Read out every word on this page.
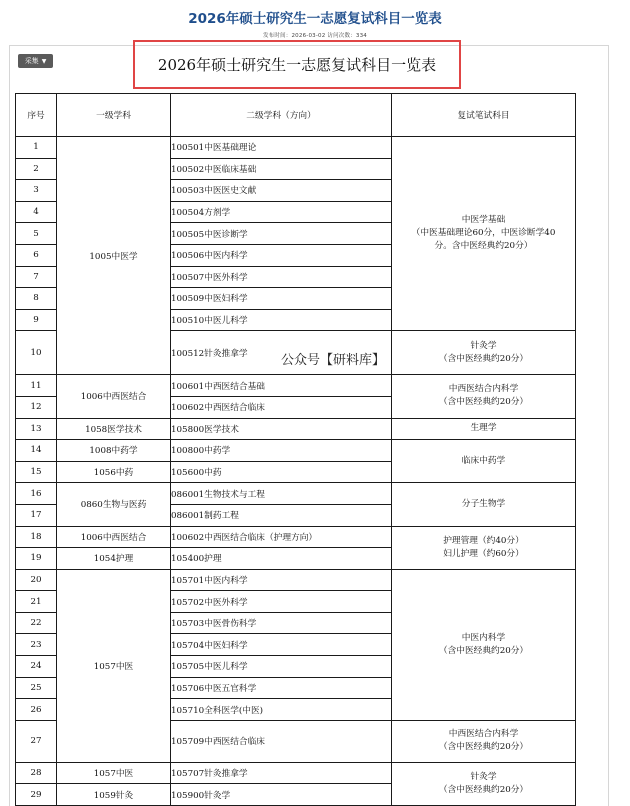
2026年硕士研究生一志愿复试科目一览表
发布时间：2026-03-02 访问次数：334
采集 ▼	2026年硕士研究生一志愿复试科目一览表
序号	一级学科	二级学科（方向）	复试笔试科目
1	1005中医学	100501中医基础理论	中医学基础
（中医基础理论60分，中医诊断学40
分。含中医经典约20分）

2		100502中医临床基础	
3		100503中医医史文献	
4		100504方剂学	
5		100505中医诊断学	
6		100506中医内科学	
7		100507中医外科学	
8		100509中医妇科学	
9		100510中医儿科学	
10		100512针灸推拿学	针灸学
（含中医经典约20分）

11	1006中西医结合	100601中西医结合基础	中西医结合内科学
（含中医经典约20分）

12		100602中西医结合临床	
13	1058医学技术	105800医学技术	生理学

14	1008中药学	100800中药学	临床中药学

15	1056中药	105600中药	
16	0860生物与医药	086001生物技术与工程	分子生物学

17		086001制药工程	
18	1006中西医结合	100602中西医结合临床（护理方向）	护理管理（约40分）
妇儿护理（约60分）

19	1054护理	105400护理	
20	1057中医	105701中医内科学	中医内科学
（含中医经典约20分）

21		105702中医外科学	
22		105703中医骨伤科学	
23		105704中医妇科学	
24		105705中医儿科学	
25		105706中医五官科学	
26		105710全科医学(中医)	
27		105709中西医结合临床	中西医结合内科学
（含中医经典约20分）

28	1057中医	105707针灸推拿学	针灸学
（含中医经典约20分）

29	1059针灸	105900针灸学	
公众号【研料库】
